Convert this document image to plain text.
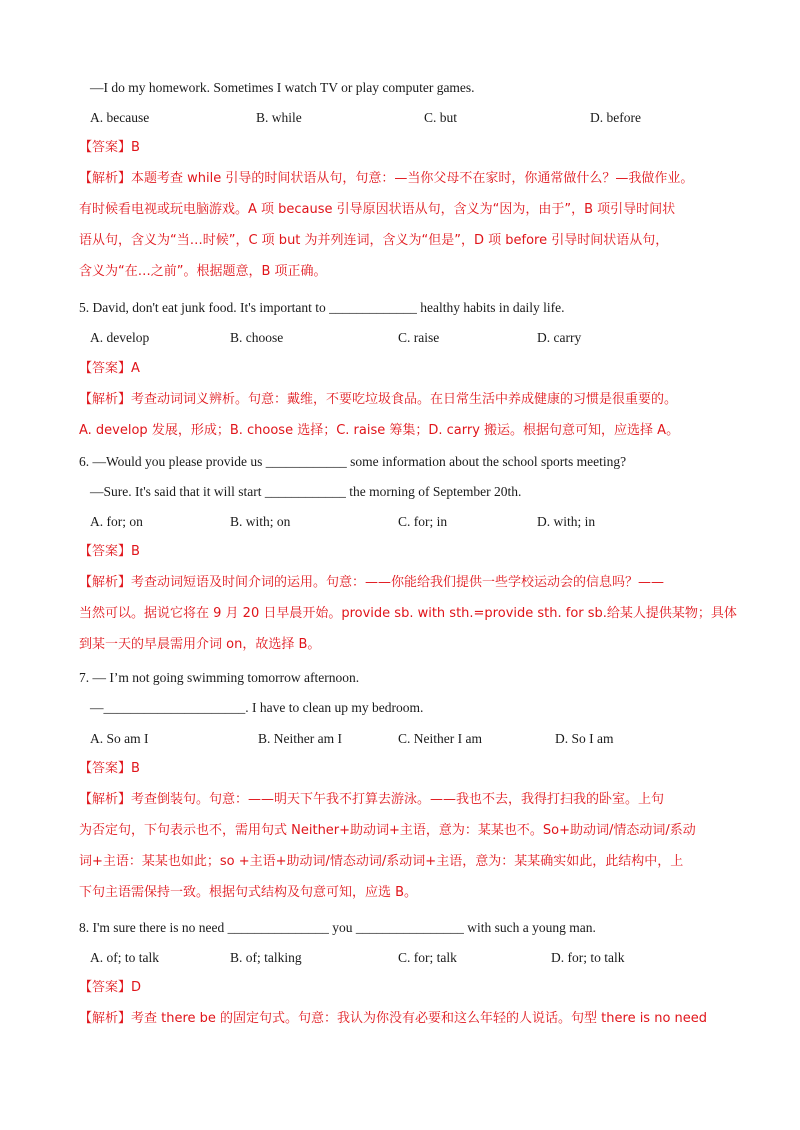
—I do my homework. Sometimes I watch TV or play computer games.
A. because	B. while	C. but	D. before
【答案】B
【解析】本题考查 while 引导的时间状语从句，句意：—当你父母不在家时，你通常做什么？—我做作业。
有时候看电视或玩电脑游戏。A 项 because 引导原因状语从句，含义为“因为，由于”，B 项引导时间状
语从句，含义为“当…时候”，C 项 but 为并列连词，含义为“但是”，D 项 before 引导时间状语从句，
含义为“在…之前”。根据题意，B 项正确。
5. David, don't eat junk food. It's important to _____________ healthy habits in daily life.
A. develop	B. choose	C. raise	D. carry
【答案】A
【解析】考查动词词义辨析。句意：戴维，不要吃垃圾食品。在日常生活中养成健康的习惯是很重要的。
A. develop 发展，形成；B. choose 选择；C. raise 筹集；D. carry 搬运。根据句意可知，应选择 A。
6. —Would you please provide us ____________ some information about the school sports meeting?
—Sure. It's said that it will start ____________ the morning of September 20th.
A. for; on	B. with; on	C. for; in	D. with; in
【答案】B
【解析】考查动词短语及时间介词的运用。句意：——你能给我们提供一些学校运动会的信息吗？——
当然可以。据说它将在 9 月 20 日早晨开始。provide sb. with sth.=provide sth. for sb.给某人提供某物；具体
到某一天的早晨需用介词 on，故选择 B。
7. — I’m not going swimming tomorrow afternoon.
—_____________________. I have to clean up my bedroom.
A. So am I	B. Neither am I	C. Neither I am	D. So I am
【答案】B
【解析】考查倒装句。句意：——明天下午我不打算去游泳。——我也不去，我得打扫我的卧室。上句
为否定句，下句表示也不，需用句式 Neither+助动词+主语，意为：某某也不。So+助动词/情态动词/系动
词+主语：某某也如此；so +主语+助动词/情态动词/系动词+主语，意为：某某确实如此，此结构中，上
下句主语需保持一致。根据句式结构及句意可知，应选 B。
8. I'm sure there is no need _______________ you ________________ with such a young man.
A. of; to talk	B. of; talking	C. for; talk	D. for; to talk
【答案】D
【解析】考查 there be 的固定句式。句意：我认为你没有必要和这么年轻的人说话。句型 there is no need
